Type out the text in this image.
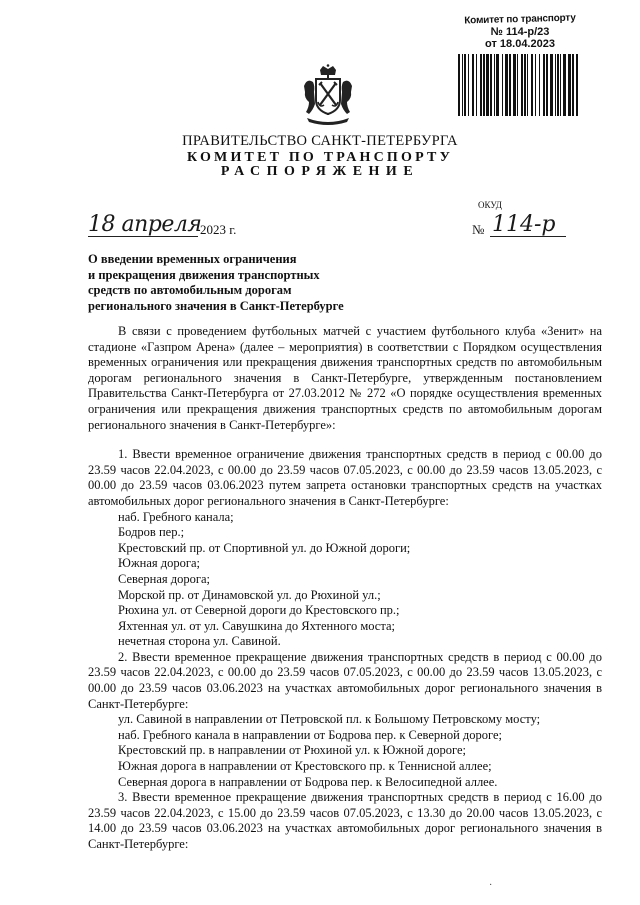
Комитет по транспорту
№ 114-р/23
от 18.04.2023
ПРАВИТЕЛЬСТВО САНКТ-ПЕТЕРБУРГА
КОМИТЕТ ПО ТРАНСПОРТУ
РАСПОРЯЖЕНИЕ
ОКУД
18 апреля
2023 г.	№ 114-р
О введении временных ограничения
и прекращения движения транспортных
средств по автомобильным дорогам
регионального значения в Санкт-Петербурге
В связи с проведением футбольных матчей с участием футбольного клуба «Зенит» на стадионе «Газпром Арена» (далее – мероприятия) в соответствии с Порядком осуществления временных ограничения или прекращения движения транспортных средств по автомобильным дорогам регионального значения в Санкт-Петербурге, утвержденным постановлением Правительства Санкт-Петербурга от 27.03.2012 № 272 «О порядке осуществления временных ограничения или прекращения движения транспортных средств по автомобильным дорогам регионального значения в Санкт-Петербурге»:
1. Ввести временное ограничение движения транспортных средств в период с 00.00 до 23.59 часов 22.04.2023, с 00.00 до 23.59 часов 07.05.2023, с 00.00 до 23.59 часов 13.05.2023, с 00.00 до 23.59 часов 03.06.2023 путем запрета остановки транспортных средств на участках автомобильных дорог регионального значения в Санкт-Петербурге:
наб. Гребного канала;
Бодров пер.;
Крестовский пр. от Спортивной ул. до Южной дороги;
Южная дорога;
Северная дорога;
Морской пр. от Динамовской ул. до Рюхиной ул.;
Рюхина ул. от Северной дороги до Крестовского пр.;
Яхтенная ул. от ул. Савушкина до Яхтенного моста;
нечетная сторона ул. Савиной.
2. Ввести временное прекращение движения транспортных средств в период с 00.00 до 23.59 часов 22.04.2023, с 00.00 до 23.59 часов 07.05.2023, с 00.00 до 23.59 часов 13.05.2023, с 00.00 до 23.59 часов 03.06.2023 на участках автомобильных дорог регионального значения в Санкт-Петербурге:
ул. Савиной в направлении от Петровской пл. к Большому Петровскому мосту;
наб. Гребного канала в направлении от Бодрова пер. к Северной дороге;
Крестовский пр. в направлении от Рюхиной ул. к Южной дороге;
Южная дорога в направлении от Крестовского пр. к Теннисной аллее;
Северная дорога в направлении от Бодрова пер. к Велосипедной аллее.
3. Ввести временное прекращение движения транспортных средств в период с 16.00 до 23.59 часов 22.04.2023, с 15.00 до 23.59 часов 07.05.2023, с 13.30 до 20.00 часов 13.05.2023, с 14.00 до 23.59 часов 03.06.2023 на участках автомобильных дорог регионального значения в Санкт-Петербурге:
·
